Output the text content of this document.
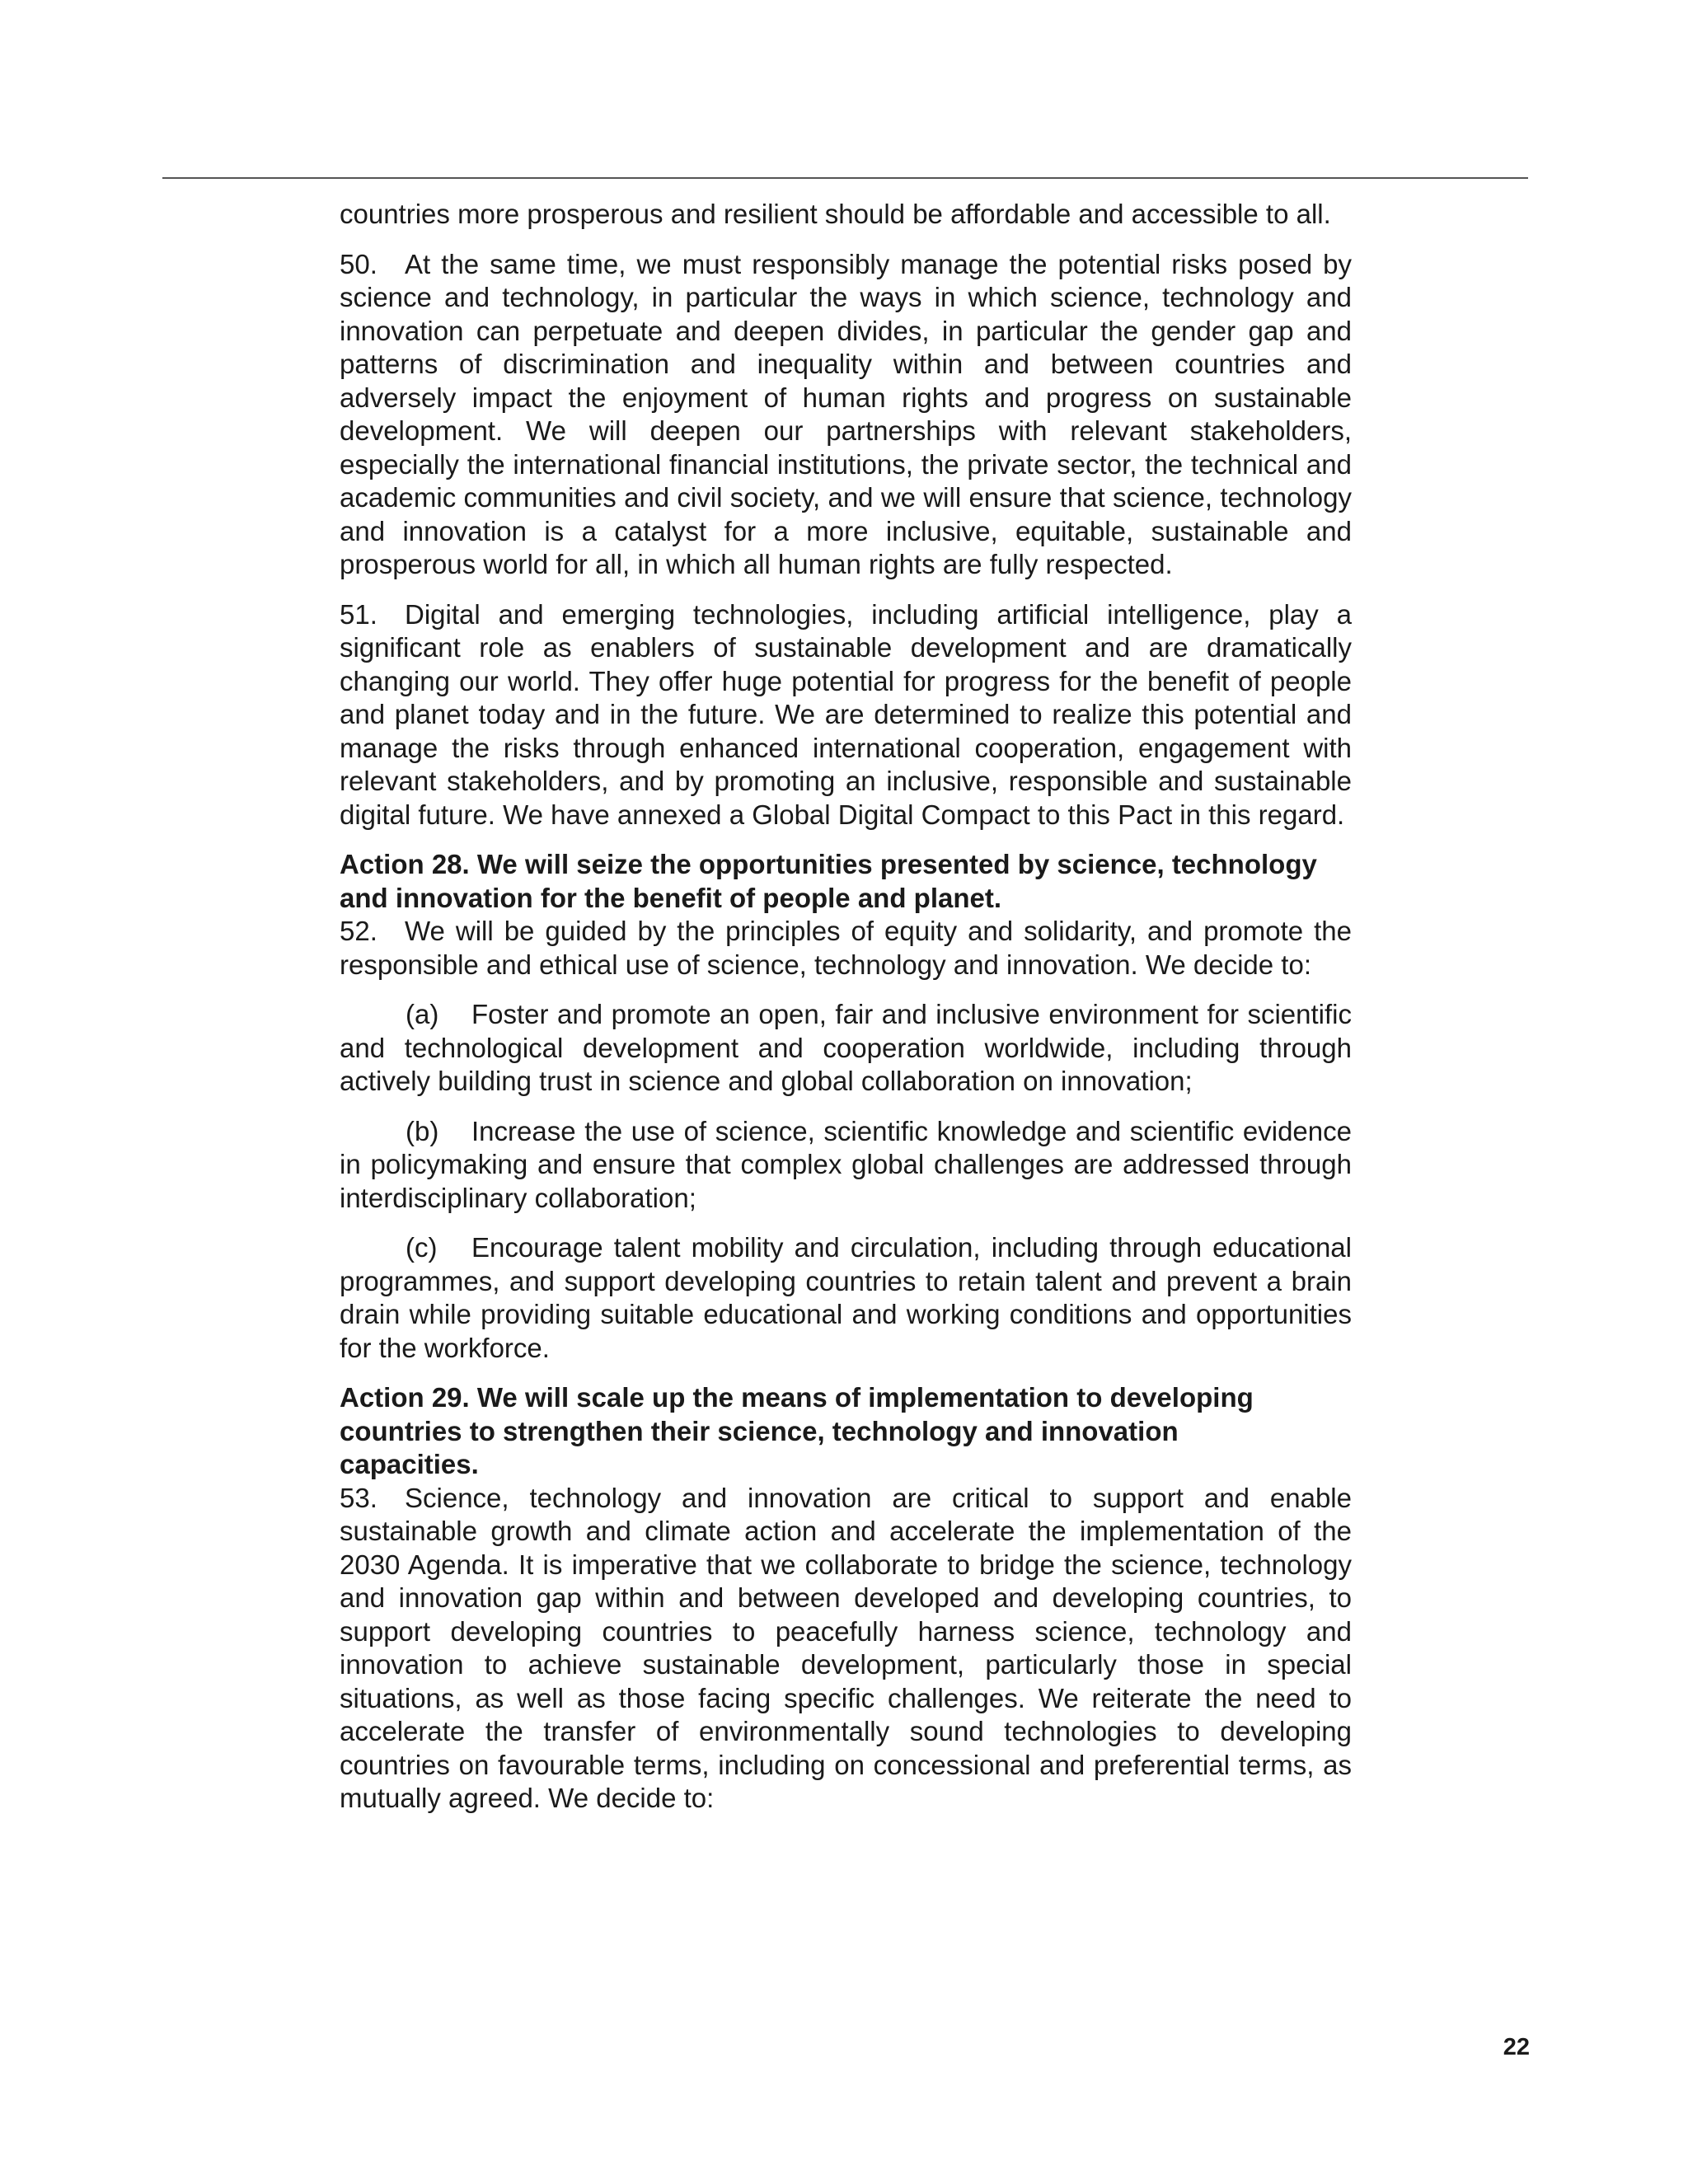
countries more prosperous and resilient should be affordable and accessible to all.

50. At the same time, we must responsibly manage the potential risks posed by science and technology, in particular the ways in which science, technology and innovation can perpetuate and deepen divides, in particular the gender gap and patterns of discrimination and inequality within and between countries and adversely impact the enjoyment of human rights and progress on sustainable development. We will deepen our partnerships with relevant stakeholders, especially the international financial institutions, the private sector, the technical and academic communities and civil society, and we will ensure that science, technology and innovation is a catalyst for a more inclusive, equitable, sustainable and prosperous world for all, in which all human rights are fully respected.

51. Digital and emerging technologies, including artificial intelligence, play a significant role as enablers of sustainable development and are dramatically changing our world. They offer huge potential for progress for the benefit of people and planet today and in the future. We are determined to realize this potential and manage the risks through enhanced international cooperation, engagement with relevant stakeholders, and by promoting an inclusive, responsible and sustainable digital future. We have annexed a Global Digital Compact to this Pact in this regard.

Action 28. We will seize the opportunities presented by science, technology and innovation for the benefit of people and planet.

52. We will be guided by the principles of equity and solidarity, and promote the responsible and ethical use of science, technology and innovation. We decide to:

(a) Foster and promote an open, fair and inclusive environment for scientific and technological development and cooperation worldwide, including through actively building trust in science and global collaboration on innovation;

(b) Increase the use of science, scientific knowledge and scientific evidence in policymaking and ensure that complex global challenges are addressed through interdisciplinary collaboration;

(c) Encourage talent mobility and circulation, including through educational programmes, and support developing countries to retain talent and prevent a brain drain while providing suitable educational and working conditions and opportunities for the workforce.

Action 29. We will scale up the means of implementation to developing countries to strengthen their science, technology and innovation capacities.

53. Science, technology and innovation are critical to support and enable sustainable growth and climate action and accelerate the implementation of the 2030 Agenda. It is imperative that we collaborate to bridge the science, technology and innovation gap within and between developed and developing countries, to support developing countries to peacefully harness science, technology and innovation to achieve sustainable development, particularly those in special situations, as well as those facing specific challenges. We reiterate the need to accelerate the transfer of environmentally sound technologies to developing countries on favourable terms, including on concessional and preferential terms, as mutually agreed. We decide to:

22
